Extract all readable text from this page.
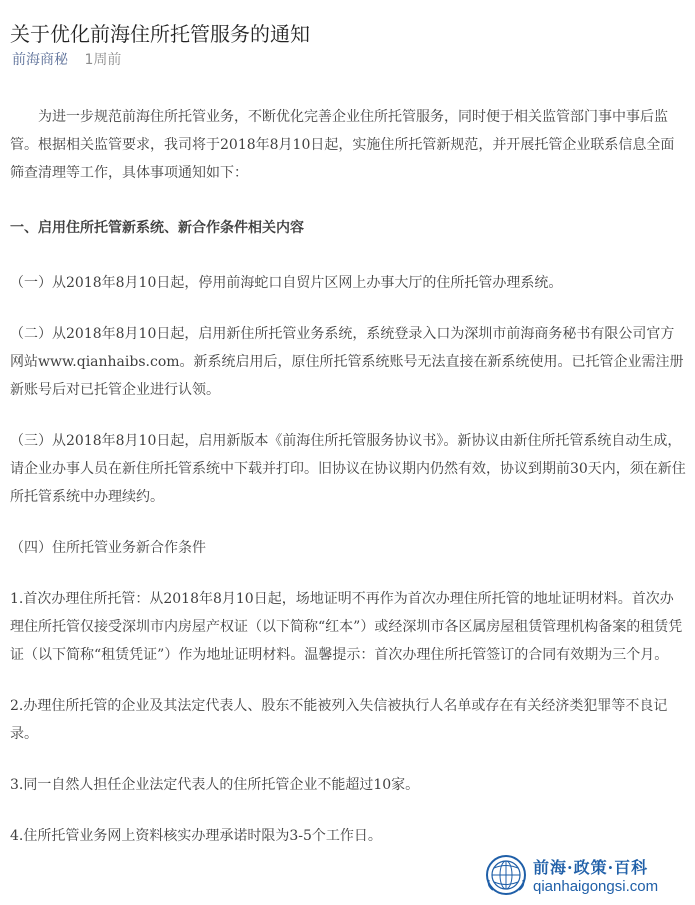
关于优化前海住所托管服务的通知
前海商秘 1周前

为进一步规范前海住所托管业务，不断优化完善企业住所托管服务，同时便于相关监管部门事中事后监管。根据相关监管要求，我司将于2018年8月10日起，实施住所托管新规范，并开展托管企业联系信息全面筛查清理等工作，具体事项通知如下：

一、启用住所托管新系统、新合作条件相关内容

（一）从2018年8月10日起，停用前海蛇口自贸片区网上办事大厅的住所托管办理系统。

（二）从2018年8月10日起，启用新住所托管业务系统，系统登录入口为深圳市前海商务秘书有限公司官方网站www.qianhaibs.com。新系统启用后，原住所托管系统账号无法直接在新系统使用。已托管企业需注册新账号后对已托管企业进行认领。

（三）从2018年8月10日起，启用新版本《前海住所托管服务协议书》。新协议由新住所托管系统自动生成，请企业办事人员在新住所托管系统中下载并打印。旧协议在协议期内仍然有效，协议到期前30天内，须在新住所托管系统中办理续约。

（四）住所托管业务新合作条件

1.首次办理住所托管：从2018年8月10日起，场地证明不再作为首次办理住所托管的地址证明材料。首次办理住所托管仅接受深圳市内房屋产权证（以下简称“红本”）或经深圳市各区属房屋租赁管理机构备案的租赁凭证（以下简称“租赁凭证”）作为地址证明材料。温馨提示：首次办理住所托管签订的合同有效期为三个月。

2.办理住所托管的企业及其法定代表人、股东不能被列入失信被执行人名单或存在有关经济类犯罪等不良记录。

3.同一自然人担任企业法定代表人的住所托管企业不能超过10家。

4.住所托管业务网上资料核实办理承诺时限为3-5个工作日。

前海·政策·百科
qianhaigongsi.com
